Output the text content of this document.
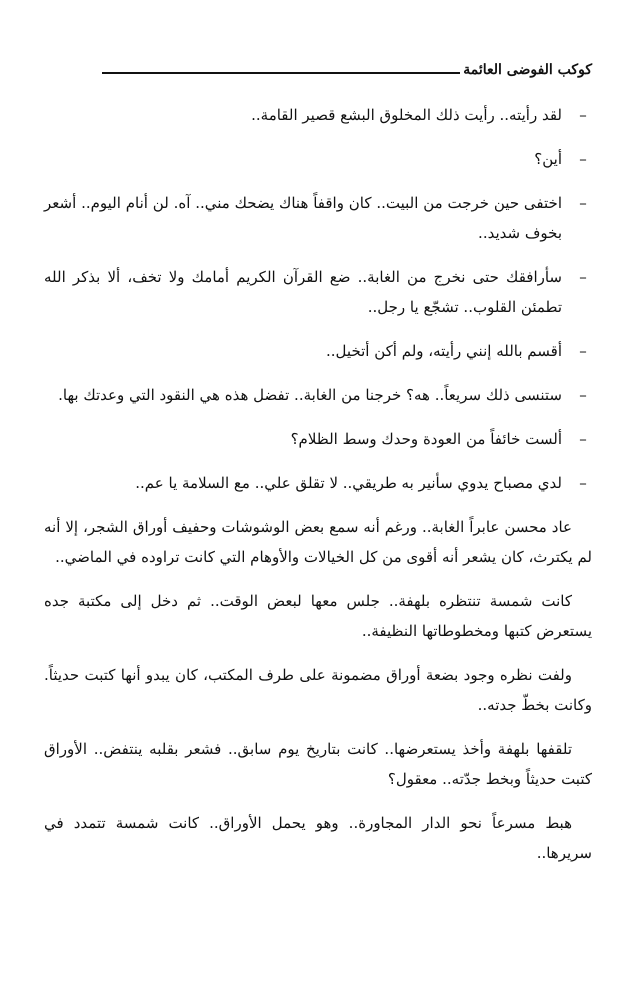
كوكب الفوضى العائمة
–
لقد رأيته.. رأيت ذلك المخلوق البشع قصير القامة..
–
أين؟
–
اختفى حين خرجت من البيت.. كان واقفاً هناك يضحك مني.. آه. لن أنام اليوم.. أشعر بخوف شديد..
–
سأرافقك حتى نخرج من الغابة.. ضع القرآن الكريم أمامك ولا تخف، ألا بذكر الله تطمئن القلوب.. تشجّع يا رجل..
–
أقسم بالله إنني رأيته، ولم أكن أتخيل..
–
ستنسى ذلك سريعاً.. هه؟ خرجنا من الغابة.. تفضل هذه هي النقود التي وعدتك بها.
–
ألست خائفاً من العودة وحدك وسط الظلام؟
–
لدي مصباح يدوي سأنير به طريقي.. لا تقلق علي.. مع السلامة يا عم..

عاد محسن عابراً الغابة.. ورغم أنه سمع بعض الوشوشات وحفيف أوراق الشجر، إلا أنه لم يكترث، كان يشعر أنه أقوى من كل الخيالات والأوهام التي كانت تراوده في الماضي..

كانت شمسة تنتظره بلهفة.. جلس معها لبعض الوقت.. ثم دخل إلى مكتبة جده يستعرض كتبها ومخطوطاتها النظيفة..

ولفت نظره وجود بضعة أوراق مضمونة على طرف المكتب، كان يبدو أنها كتبت حديثاً. وكانت بخطّ جدته..

تلقفها بلهفة وأخذ يستعرضها.. كانت بتاريخ يوم سابق.. فشعر بقلبه ينتفض.. الأوراق كتبت حديثاً وبخط جدّته.. معقول؟

هبط مسرعاً نحو الدار المجاورة.. وهو يحمل الأوراق.. كانت شمسة تتمدد في سريرها..
